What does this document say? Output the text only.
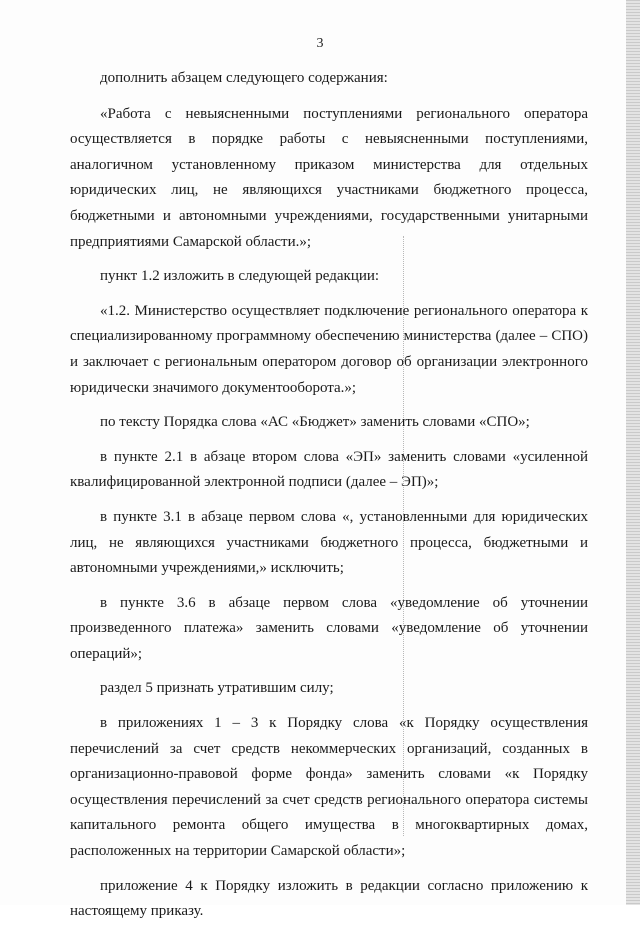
3

дополнить абзацем следующего содержания:

«Работа с невыясненными поступлениями регионального оператора осуществляется в порядке работы с невыясненными поступлениями, аналогичном установленному приказом министерства для отдельных юридических лиц, не являющихся участниками бюджетного процесса, бюджетными и автономными учреждениями, государственными унитарными предприятиями Самарской области.»;

пункт 1.2 изложить в следующей редакции:

«1.2. Министерство осуществляет подключение регионального оператора к специализированному программному обеспечению министерства (далее – СПО) и заключает с региональным оператором договор об организации электронного юридически значимого документооборота.»;

по тексту Порядка слова «АС «Бюджет» заменить словами «СПО»;

в пункте 2.1 в абзаце втором слова «ЭП» заменить словами «усиленной квалифицированной электронной подписи (далее – ЭП)»;

в пункте 3.1 в абзаце первом слова «, установленными для юридических лиц, не являющихся участниками бюджетного процесса, бюджетными и автономными учреждениями,» исключить;

в пункте 3.6 в абзаце первом слова «уведомление об уточнении произведенного платежа» заменить словами «уведомление об уточнении операций»;

раздел 5 признать утратившим силу;

в приложениях 1 – 3 к Порядку слова «к Порядку осуществления перечислений за счет средств некоммерческих организаций, созданных в организационно-правовой форме фонда» заменить словами «к Порядку осуществления перечислений за счет средств регионального оператора системы капитального ремонта общего имущества в многоквартирных домах, расположенных на территории Самарской области»;

приложение 4 к Порядку изложить в редакции согласно приложению к настоящему приказу.
